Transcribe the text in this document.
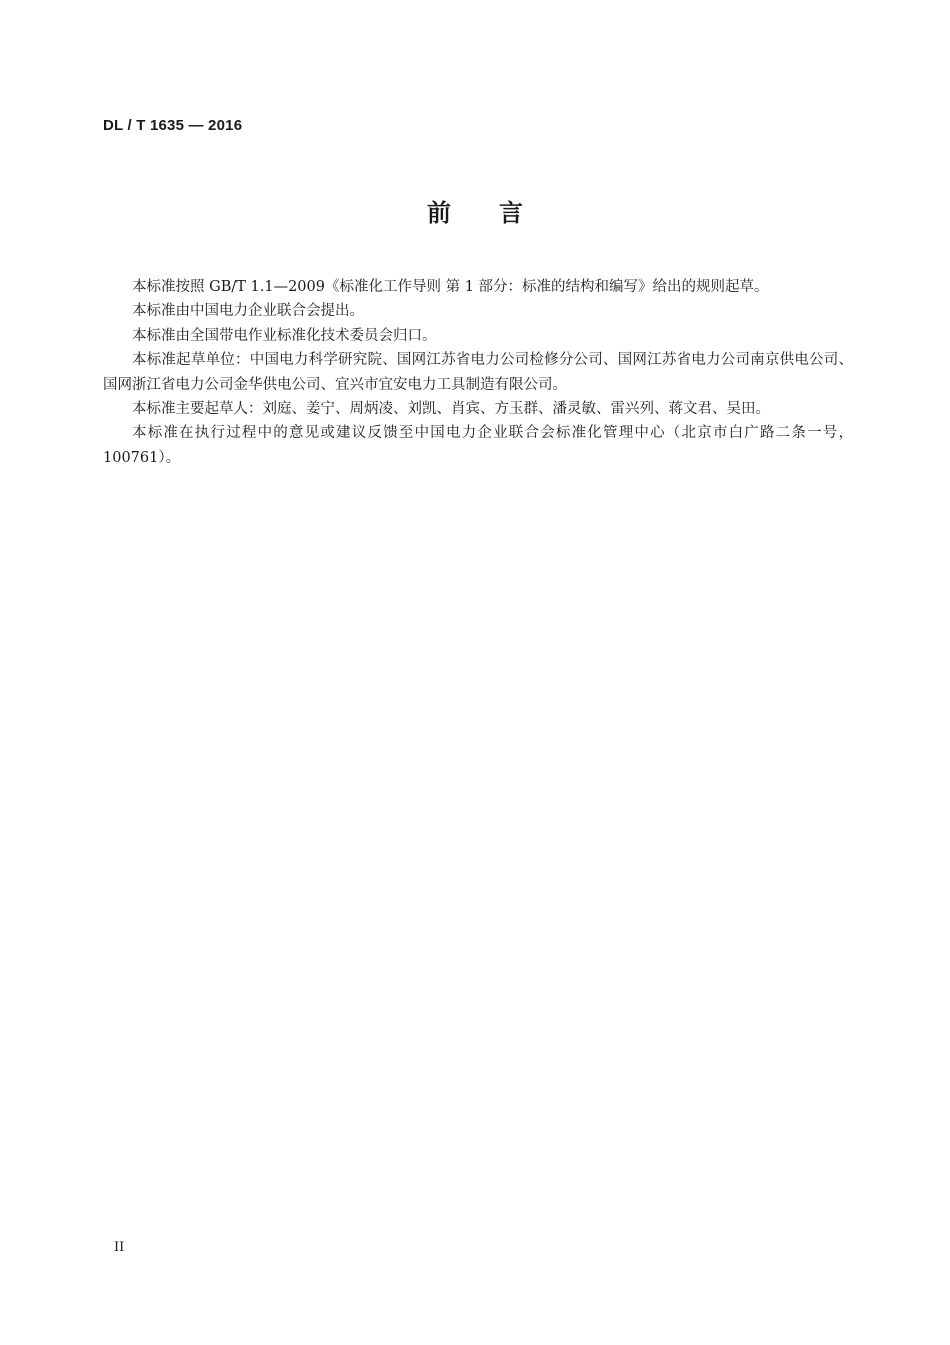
DL / T 1635 — 2016
前　　言

本标准按照 GB/T 1.1—2009《标准化工作导则 第 1 部分：标准的结构和编写》给出的规则起草。

本标准由中国电力企业联合会提出。

本标准由全国带电作业标准化技术委员会归口。

本标准起草单位：中国电力科学研究院、国网江苏省电力公司检修分公司、国网江苏省电力公司南京供电公司、国网浙江省电力公司金华供电公司、宜兴市宜安电力工具制造有限公司。

本标准主要起草人：刘庭、姜宁、周炳凌、刘凯、肖宾、方玉群、潘灵敏、雷兴列、蒋文君、吴田。

本标准在执行过程中的意见或建议反馈至中国电力企业联合会标准化管理中心（北京市白广路二条一号，100761）。

II
